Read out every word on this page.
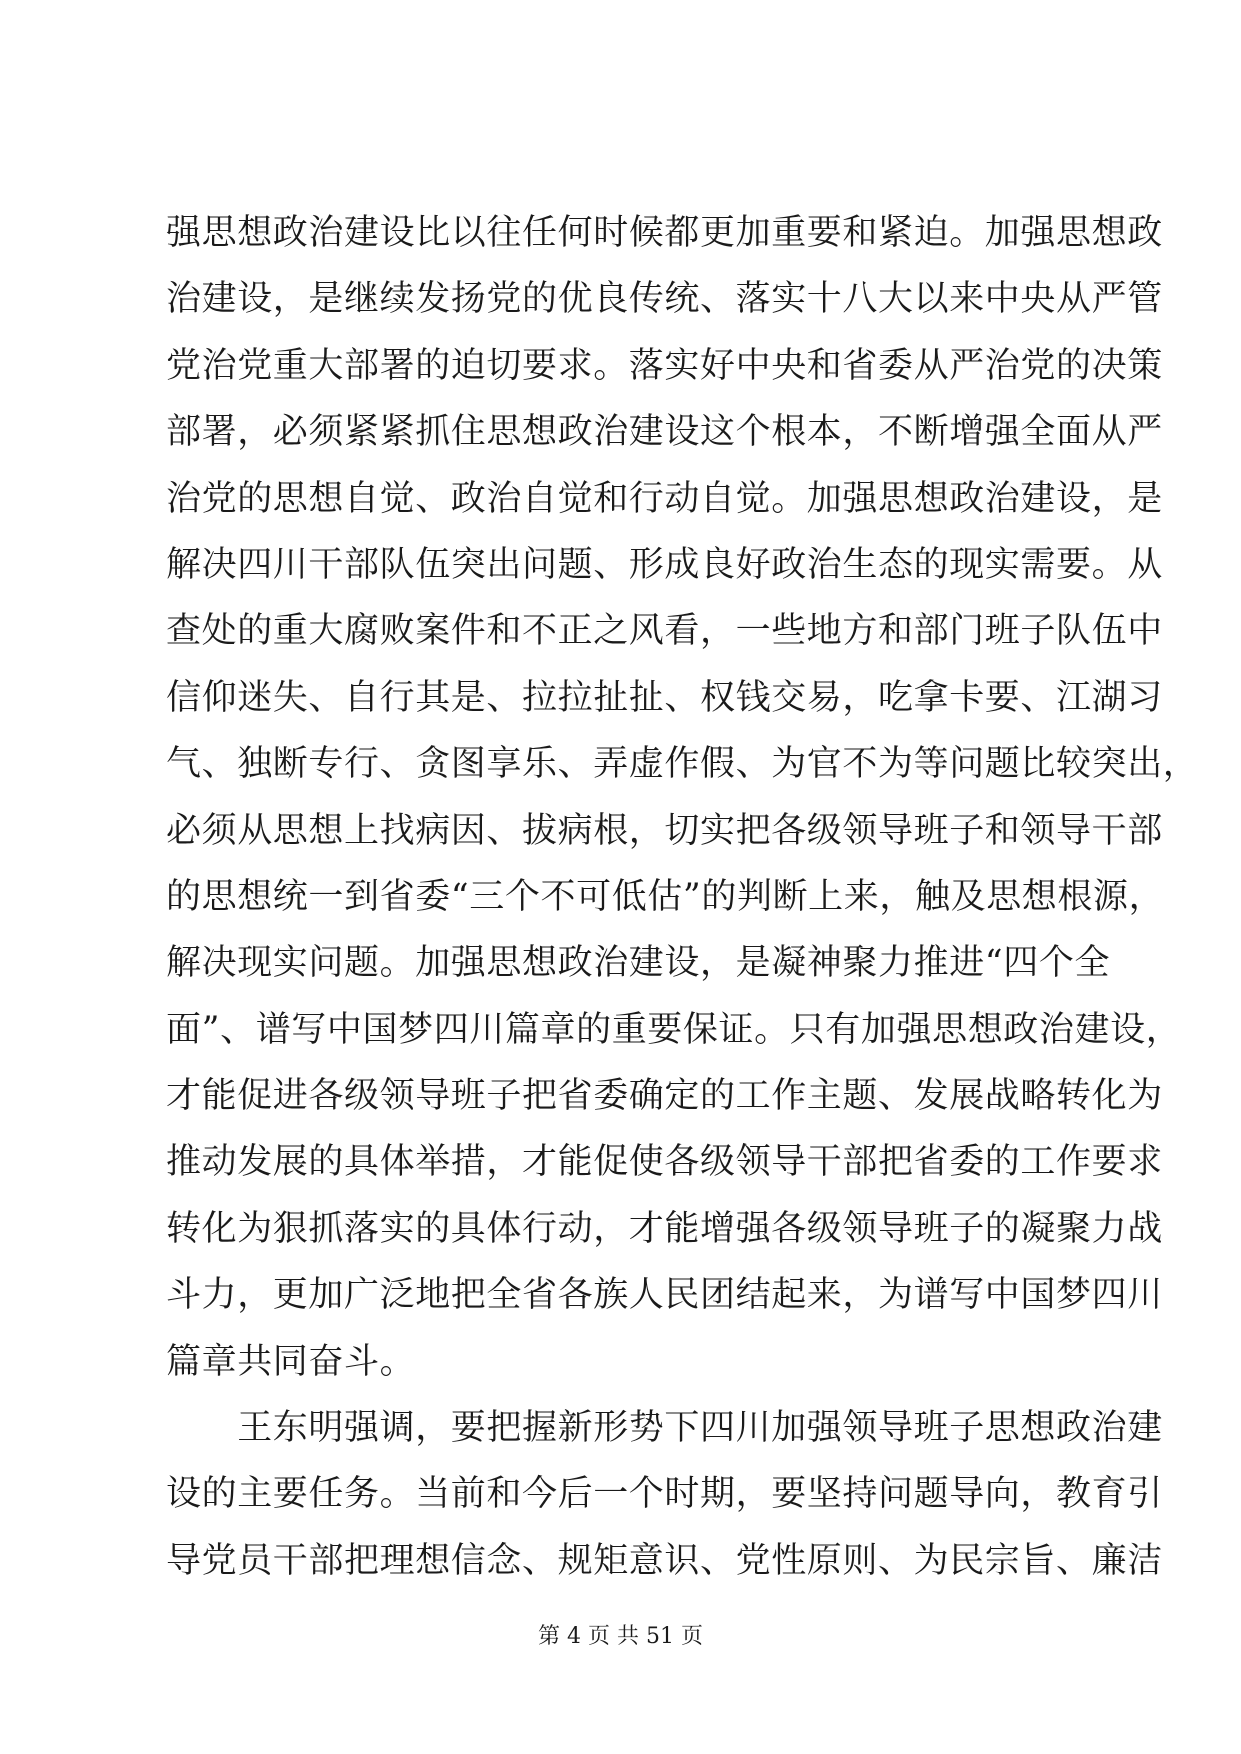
强思想政治建设比以往任何时候都更加重要和紧迫。加强思想政
治建设，是继续发扬党的优良传统、落实十八大以来中央从严管
党治党重大部署的迫切要求。落实好中央和省委从严治党的决策
部署，必须紧紧抓住思想政治建设这个根本，不断增强全面从严
治党的思想自觉、政治自觉和行动自觉。加强思想政治建设，是
解决四川干部队伍突出问题、形成良好政治生态的现实需要。从
查处的重大腐败案件和不正之风看，一些地方和部门班子队伍中
信仰迷失、自行其是、拉拉扯扯、权钱交易，吃拿卡要、江湖习
气、独断专行、贪图享乐、弄虚作假、为官不为等问题比较突出，
必须从思想上找病因、拔病根，切实把各级领导班子和领导干部
的思想统一到省委“三个不可低估”的判断上来，触及思想根源，
解决现实问题。加强思想政治建设，是凝神聚力推进“四个全
面”、谱写中国梦四川篇章的重要保证。只有加强思想政治建设，
才能促进各级领导班子把省委确定的工作主题、发展战略转化为
推动发展的具体举措，才能促使各级领导干部把省委的工作要求
转化为狠抓落实的具体行动，才能增强各级领导班子的凝聚力战
斗力，更加广泛地把全省各族人民团结起来，为谱写中国梦四川
篇章共同奋斗。
　　王东明强调，要把握新形势下四川加强领导班子思想政治建
设的主要任务。当前和今后一个时期，要坚持问题导向，教育引
导党员干部把理想信念、规矩意识、党性原则、为民宗旨、廉洁
第 4 页 共 51 页
